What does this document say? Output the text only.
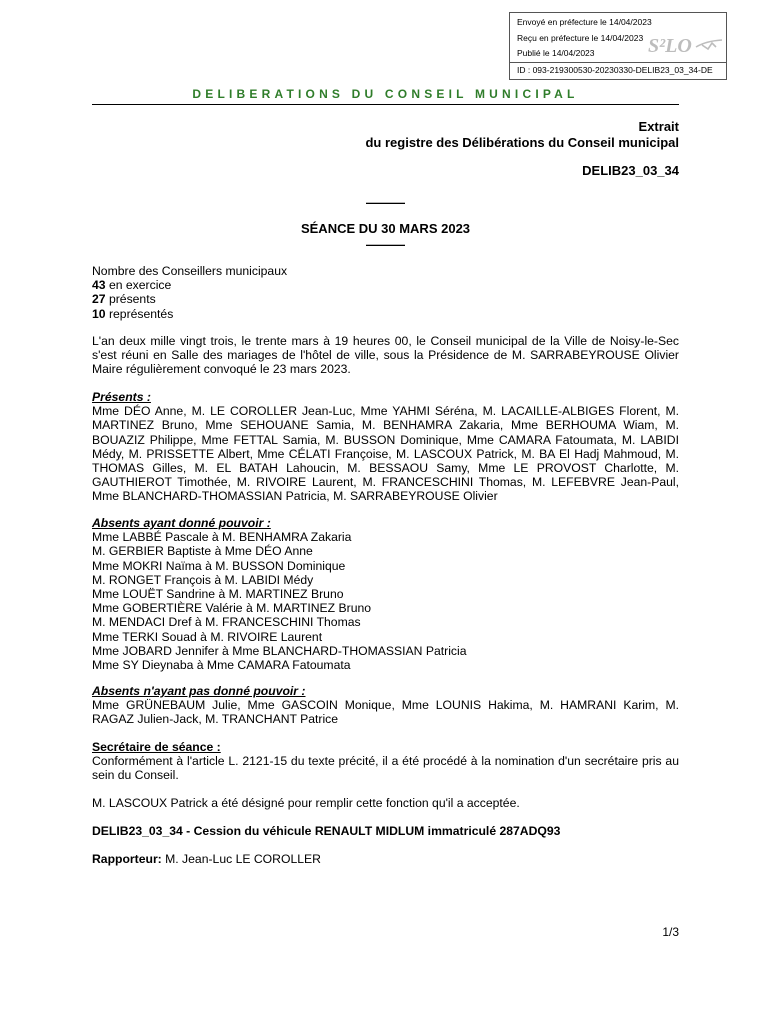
Envoyé en préfecture le 14/04/2023
Reçu en préfecture le 14/04/2023
Publié le 14/04/2023
ID : 093-219300530-20230330-DELIB23_03_34-DE
S²LO
DELIBERATIONS DU CONSEIL MUNICIPAL
Extrait
du registre des Délibérations du Conseil municipal
DELIB23_03_34
———
SÉANCE DU 30 MARS 2023
———
Nombre des Conseillers municipaux
43 en exercice
27 présents
10 représentés
L'an deux mille vingt trois, le trente mars à 19 heures 00, le Conseil municipal de la Ville de Noisy-le-Sec s'est réuni en Salle des mariages de l'hôtel de ville, sous la Présidence de M. SARRABEYROUSE Olivier Maire régulièrement convoqué le 23 mars 2023.
Présents :
Mme DÉO Anne, M. LE COROLLER Jean-Luc, Mme YAHMI Séréna, M. LACAILLE-ALBIGES Florent, M. MARTINEZ Bruno, Mme SEHOUANE Samia, M. BENHAMRA Zakaria, Mme BERHOUMA Wiam, M. BOUAZIZ Philippe, Mme FETTAL Samia, M. BUSSON Dominique, Mme CAMARA Fatoumata, M. LABIDI Médy, M. PRISSETTE Albert, Mme CÉLATI Françoise, M. LASCOUX Patrick, M. BA El Hadj Mahmoud, M. THOMAS Gilles, M. EL BATAH Lahoucin, M. BESSAOU Samy, Mme LE PROVOST Charlotte, M. GAUTHIEROT Timothée, M. RIVOIRE Laurent, M. FRANCESCHINI Thomas, M. LEFEBVRE Jean-Paul, Mme BLANCHARD-THOMASSIAN Patricia, M. SARRABEYROUSE Olivier
Absents ayant donné pouvoir :
Mme LABBÉ Pascale à M. BENHAMRA Zakaria
M. GERBIER Baptiste à Mme DÉO Anne
Mme MOKRI Naïma à M. BUSSON Dominique
M. RONGET François à M. LABIDI Médy
Mme LOUËT Sandrine à M. MARTINEZ Bruno
Mme GOBERTIÈRE Valérie à M. MARTINEZ Bruno
M. MENDACI Dref à M. FRANCESCHINI Thomas
Mme TERKI Souad à M. RIVOIRE Laurent
Mme JOBARD Jennifer à Mme BLANCHARD-THOMASSIAN Patricia
Mme SY Dieynaba à Mme CAMARA Fatoumata
Absents n'ayant pas donné pouvoir :
Mme GRÜNEBAUM Julie, Mme GASCOIN Monique, Mme LOUNIS Hakima, M. HAMRANI Karim, M. RAGAZ Julien-Jack, M. TRANCHANT Patrice
Secrétaire de séance :
Conformément à l'article L. 2121-15 du texte précité, il a été procédé à la nomination d'un secrétaire pris au sein du Conseil.
M. LASCOUX Patrick a été désigné pour remplir cette fonction qu'il a acceptée.
DELIB23_03_34 - Cession du véhicule RENAULT MIDLUM immatriculé 287ADQ93
Rapporteur: M. Jean-Luc LE COROLLER
1/3
